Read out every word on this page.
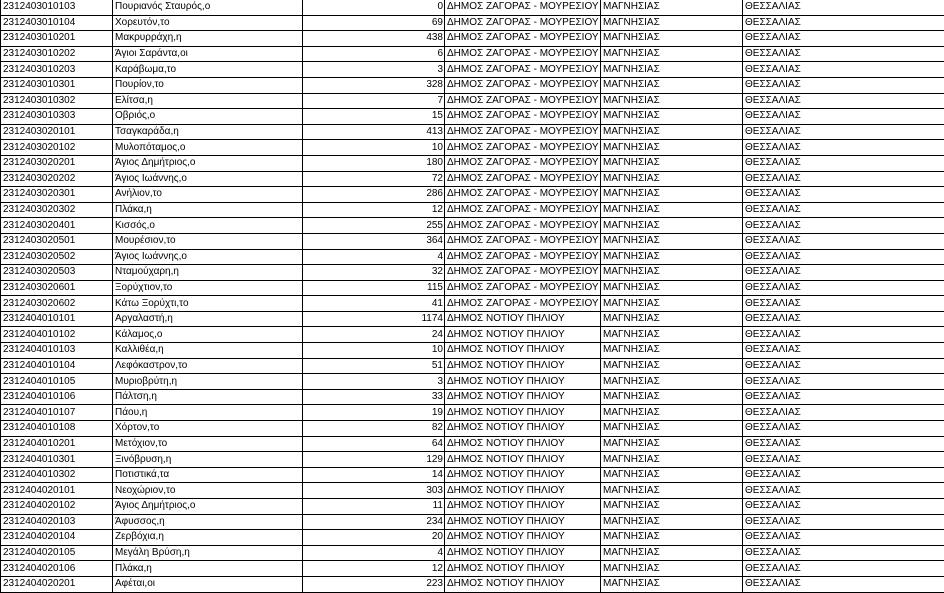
2312403010103	Πουριανός Σταυρός,ο	0	ΔΗΜΟΣ ΖΑΓΟΡΑΣ - ΜΟΥΡΕΣΙΟΥ	ΜΑΓΝΗΣΙΑΣ	ΘΕΣΣΑΛΙΑΣ
2312403010104	Χορευτόν,το	69	ΔΗΜΟΣ ΖΑΓΟΡΑΣ - ΜΟΥΡΕΣΙΟΥ	ΜΑΓΝΗΣΙΑΣ	ΘΕΣΣΑΛΙΑΣ
2312403010201	Μακρυρράχη,η	438	ΔΗΜΟΣ ΖΑΓΟΡΑΣ - ΜΟΥΡΕΣΙΟΥ	ΜΑΓΝΗΣΙΑΣ	ΘΕΣΣΑΛΙΑΣ
2312403010202	Άγιοι Σαράντα,οι	6	ΔΗΜΟΣ ΖΑΓΟΡΑΣ - ΜΟΥΡΕΣΙΟΥ	ΜΑΓΝΗΣΙΑΣ	ΘΕΣΣΑΛΙΑΣ
2312403010203	Καράβωμα,το	3	ΔΗΜΟΣ ΖΑΓΟΡΑΣ - ΜΟΥΡΕΣΙΟΥ	ΜΑΓΝΗΣΙΑΣ	ΘΕΣΣΑΛΙΑΣ
2312403010301	Πουρίον,το	328	ΔΗΜΟΣ ΖΑΓΟΡΑΣ - ΜΟΥΡΕΣΙΟΥ	ΜΑΓΝΗΣΙΑΣ	ΘΕΣΣΑΛΙΑΣ
2312403010302	Ελίτσα,η	7	ΔΗΜΟΣ ΖΑΓΟΡΑΣ - ΜΟΥΡΕΣΙΟΥ	ΜΑΓΝΗΣΙΑΣ	ΘΕΣΣΑΛΙΑΣ
2312403010303	Οβριός,ο	15	ΔΗΜΟΣ ΖΑΓΟΡΑΣ - ΜΟΥΡΕΣΙΟΥ	ΜΑΓΝΗΣΙΑΣ	ΘΕΣΣΑΛΙΑΣ
2312403020101	Τσαγκαράδα,η	413	ΔΗΜΟΣ ΖΑΓΟΡΑΣ - ΜΟΥΡΕΣΙΟΥ	ΜΑΓΝΗΣΙΑΣ	ΘΕΣΣΑΛΙΑΣ
2312403020102	Μυλοπόταμος,ο	10	ΔΗΜΟΣ ΖΑΓΟΡΑΣ - ΜΟΥΡΕΣΙΟΥ	ΜΑΓΝΗΣΙΑΣ	ΘΕΣΣΑΛΙΑΣ
2312403020201	Άγιος Δημήτριος,ο	180	ΔΗΜΟΣ ΖΑΓΟΡΑΣ - ΜΟΥΡΕΣΙΟΥ	ΜΑΓΝΗΣΙΑΣ	ΘΕΣΣΑΛΙΑΣ
2312403020202	Άγιος Ιωάννης,ο	72	ΔΗΜΟΣ ΖΑΓΟΡΑΣ - ΜΟΥΡΕΣΙΟΥ	ΜΑΓΝΗΣΙΑΣ	ΘΕΣΣΑΛΙΑΣ
2312403020301	Ανήλιον,το	286	ΔΗΜΟΣ ΖΑΓΟΡΑΣ - ΜΟΥΡΕΣΙΟΥ	ΜΑΓΝΗΣΙΑΣ	ΘΕΣΣΑΛΙΑΣ
2312403020302	Πλάκα,η	12	ΔΗΜΟΣ ΖΑΓΟΡΑΣ - ΜΟΥΡΕΣΙΟΥ	ΜΑΓΝΗΣΙΑΣ	ΘΕΣΣΑΛΙΑΣ
2312403020401	Κισσός,ο	255	ΔΗΜΟΣ ΖΑΓΟΡΑΣ - ΜΟΥΡΕΣΙΟΥ	ΜΑΓΝΗΣΙΑΣ	ΘΕΣΣΑΛΙΑΣ
2312403020501	Μουρέσιον,το	364	ΔΗΜΟΣ ΖΑΓΟΡΑΣ - ΜΟΥΡΕΣΙΟΥ	ΜΑΓΝΗΣΙΑΣ	ΘΕΣΣΑΛΙΑΣ
2312403020502	Άγιος Ιωάννης,ο	4	ΔΗΜΟΣ ΖΑΓΟΡΑΣ - ΜΟΥΡΕΣΙΟΥ	ΜΑΓΝΗΣΙΑΣ	ΘΕΣΣΑΛΙΑΣ
2312403020503	Νταμούχαρη,η	32	ΔΗΜΟΣ ΖΑΓΟΡΑΣ - ΜΟΥΡΕΣΙΟΥ	ΜΑΓΝΗΣΙΑΣ	ΘΕΣΣΑΛΙΑΣ
2312403020601	Ξορύχτιον,το	115	ΔΗΜΟΣ ΖΑΓΟΡΑΣ - ΜΟΥΡΕΣΙΟΥ	ΜΑΓΝΗΣΙΑΣ	ΘΕΣΣΑΛΙΑΣ
2312403020602	Κάτω Ξορύχτι,το	41	ΔΗΜΟΣ ΖΑΓΟΡΑΣ - ΜΟΥΡΕΣΙΟΥ	ΜΑΓΝΗΣΙΑΣ	ΘΕΣΣΑΛΙΑΣ
2312404010101	Αργαλαστή,η	1174	ΔΗΜΟΣ ΝΟΤΙΟΥ ΠΗΛΙΟΥ	ΜΑΓΝΗΣΙΑΣ	ΘΕΣΣΑΛΙΑΣ
2312404010102	Κάλαμος,ο	24	ΔΗΜΟΣ ΝΟΤΙΟΥ ΠΗΛΙΟΥ	ΜΑΓΝΗΣΙΑΣ	ΘΕΣΣΑΛΙΑΣ
2312404010103	Καλλιθέα,η	10	ΔΗΜΟΣ ΝΟΤΙΟΥ ΠΗΛΙΟΥ	ΜΑΓΝΗΣΙΑΣ	ΘΕΣΣΑΛΙΑΣ
2312404010104	Λεφόκαστρον,το	51	ΔΗΜΟΣ ΝΟΤΙΟΥ ΠΗΛΙΟΥ	ΜΑΓΝΗΣΙΑΣ	ΘΕΣΣΑΛΙΑΣ
2312404010105	Μυριοβρύτη,η	3	ΔΗΜΟΣ ΝΟΤΙΟΥ ΠΗΛΙΟΥ	ΜΑΓΝΗΣΙΑΣ	ΘΕΣΣΑΛΙΑΣ
2312404010106	Πάλτση,η	33	ΔΗΜΟΣ ΝΟΤΙΟΥ ΠΗΛΙΟΥ	ΜΑΓΝΗΣΙΑΣ	ΘΕΣΣΑΛΙΑΣ
2312404010107	Πάου,η	19	ΔΗΜΟΣ ΝΟΤΙΟΥ ΠΗΛΙΟΥ	ΜΑΓΝΗΣΙΑΣ	ΘΕΣΣΑΛΙΑΣ
2312404010108	Χόρτον,το	82	ΔΗΜΟΣ ΝΟΤΙΟΥ ΠΗΛΙΟΥ	ΜΑΓΝΗΣΙΑΣ	ΘΕΣΣΑΛΙΑΣ
2312404010201	Μετόχιον,το	64	ΔΗΜΟΣ ΝΟΤΙΟΥ ΠΗΛΙΟΥ	ΜΑΓΝΗΣΙΑΣ	ΘΕΣΣΑΛΙΑΣ
2312404010301	Ξινόβρυση,η	129	ΔΗΜΟΣ ΝΟΤΙΟΥ ΠΗΛΙΟΥ	ΜΑΓΝΗΣΙΑΣ	ΘΕΣΣΑΛΙΑΣ
2312404010302	Ποτιστικά,τα	14	ΔΗΜΟΣ ΝΟΤΙΟΥ ΠΗΛΙΟΥ	ΜΑΓΝΗΣΙΑΣ	ΘΕΣΣΑΛΙΑΣ
2312404020101	Νεοχώριον,το	303	ΔΗΜΟΣ ΝΟΤΙΟΥ ΠΗΛΙΟΥ	ΜΑΓΝΗΣΙΑΣ	ΘΕΣΣΑΛΙΑΣ
2312404020102	Άγιος Δημήτριος,ο	11	ΔΗΜΟΣ ΝΟΤΙΟΥ ΠΗΛΙΟΥ	ΜΑΓΝΗΣΙΑΣ	ΘΕΣΣΑΛΙΑΣ
2312404020103	Άφυσσος,η	234	ΔΗΜΟΣ ΝΟΤΙΟΥ ΠΗΛΙΟΥ	ΜΑΓΝΗΣΙΑΣ	ΘΕΣΣΑΛΙΑΣ
2312404020104	Ζερβόχια,η	20	ΔΗΜΟΣ ΝΟΤΙΟΥ ΠΗΛΙΟΥ	ΜΑΓΝΗΣΙΑΣ	ΘΕΣΣΑΛΙΑΣ
2312404020105	Μεγάλη Βρύση,η	4	ΔΗΜΟΣ ΝΟΤΙΟΥ ΠΗΛΙΟΥ	ΜΑΓΝΗΣΙΑΣ	ΘΕΣΣΑΛΙΑΣ
2312404020106	Πλάκα,η	12	ΔΗΜΟΣ ΝΟΤΙΟΥ ΠΗΛΙΟΥ	ΜΑΓΝΗΣΙΑΣ	ΘΕΣΣΑΛΙΑΣ
2312404020201	Αφέται,οι	223	ΔΗΜΟΣ ΝΟΤΙΟΥ ΠΗΛΙΟΥ	ΜΑΓΝΗΣΙΑΣ	ΘΕΣΣΑΛΙΑΣ
